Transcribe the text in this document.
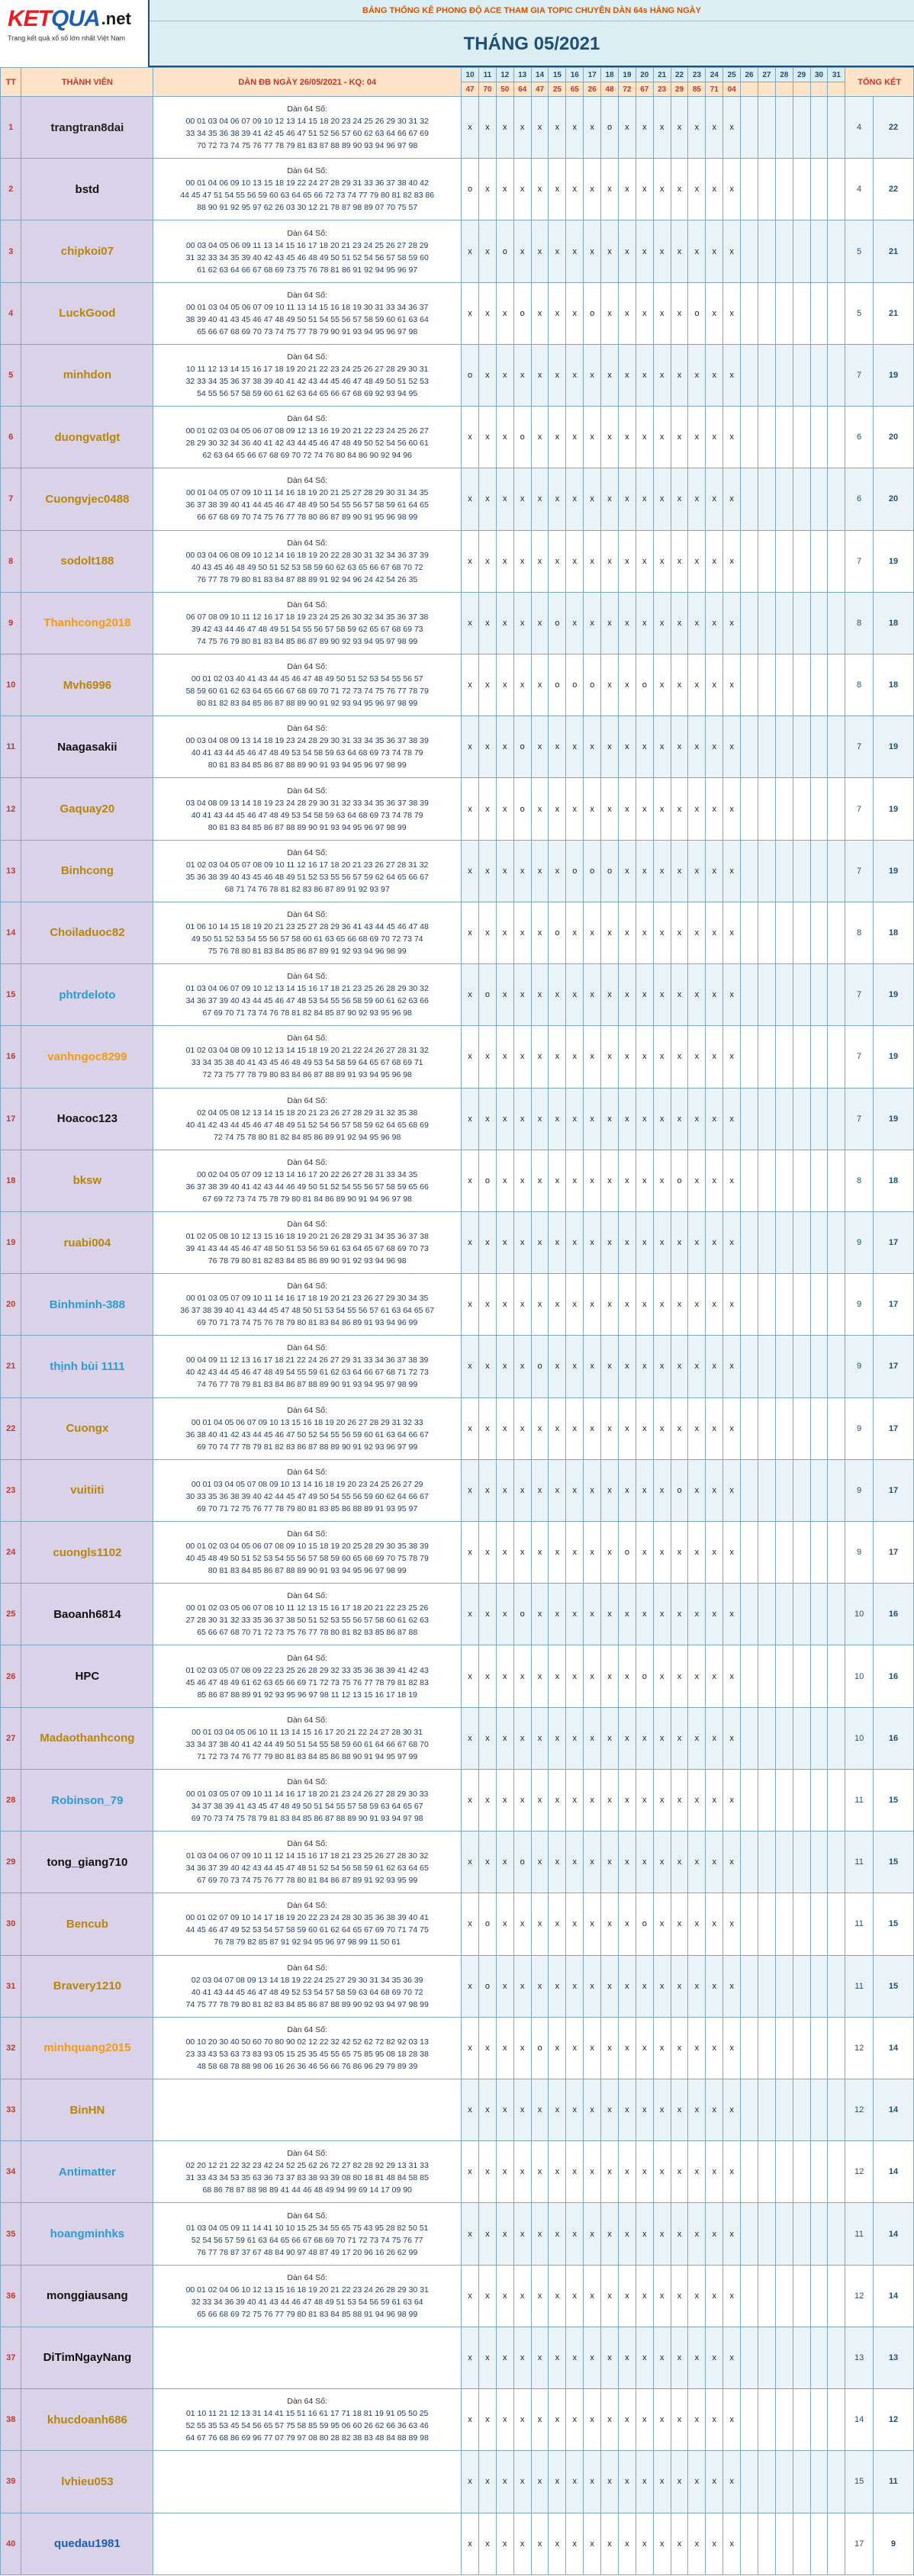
KETQUA .net
Trang kết quả xổ số lớn nhất Việt Nam
BẢNG THỐNG KÊ PHONG ĐỘ ACE THAM GIA TOPIC CHUYÊN DÀN 64s HÀNG NGÀY
THÁNG 05/2021
TT	THÀNH VIÊN	DÀN ĐB NGÀY 26/05/2021 - KQ: 04	10	11	12	13	14	15	16	17	18	19	20	21	22	23	24	25	26	27	28	29	30	31	TỔNG KẾT	
			47	70	50	64	47	25	65	26	48	72	67	23	29	85	71	04								
1	trangtran8dai	Dàn 64 Số:
00 01 03 04 06 07 09 10 12 13 14 15 18 20 23 24 25 26 29 30 31 32
33 34 35 36 38 39 41 42 45 46 47 51 52 56 57 60 62 63 64 66 67 69
70 72 73 74 75 76 77 78 79 81 83 87 88 89 90 93 94 96 97 98	x	x	x	x	x	x	x	x	o	x	x	x	x	x	x	x							4	22
2	bstd	Dàn 64 Số:
00 01 04 06 09 10 13 15 18 19 22 24 27 28 29 31 33 36 37 38 40 42
44 45 47 51 54 55 56 59 60 63 64 65 66 72 73 74 77 79 80 81 82 83 86
88 90 91 92 95 97 62 26 03 30 12 21 78 87 98 89 07 70 75 57	o	x	x	x	x	x	x	x	x	x	x	x	x	x	x	x							4	22
3	chipkoi07	Dàn 64 Số:
00 03 04 05 06 09 11 13 14 15 16 17 18 20 21 23 24 25 26 27 28 29
31 32 33 34 35 39 40 42 43 45 46 48 49 50 51 52 54 56 57 58 59 60
61 62 63 64 66 67 68 69 73 75 76 78 81 86 91 92 94 95 96 97	x	x	o	x	x	x	x	x	x	x	x	x	x	x	x	x							5	21
4	LuckGood	Dàn 64 Số:
00 01 03 04 05 06 07 09 10 11 13 14 15 16 18 19 30 31 33 34 36 37
38 39 40 41 43 45 46 47 48 49 50 51 54 55 56 57 58 59 60 61 63 64
65 66 67 68 69 70 73 74 75 77 78 79 90 91 93 94 95 96 97 98	x	x	x	o	x	x	x	o	x	x	x	x	x	o	x	x							5	21
5	minhdon	Dàn 64 Số:
10 11 12 13 14 15 16 17 18 19 20 21 22 23 24 25 26 27 28 29 30 31
32 33 34 35 36 37 38 39 40 41 42 43 44 45 46 47 48 49 50 51 52 53
54 55 56 57 58 59 60 61 62 63 64 65 66 67 68 69 92 93 94 95	o	x	x	x	x	x	x	x	x	x	x	x	x	x	x	x							7	19
6	duongvatlgt	Dàn 64 Số:
00 01 02 03 04 05 06 07 08 09 12 13 16 19 20 21 22 23 24 25 26 27
28 29 30 32 34 36 40 41 42 43 44 45 46 47 48 49 50 52 54 56 60 61
62 63 64 65 66 67 68 69 70 72 74 76 80 84 86 90 92 94 96	x	x	x	o	x	x	x	x	x	x	x	x	x	x	x	x							6	20
7	Cuongvjec0488	Dàn 64 Số:
00 01 04 05 07 09 10 11 14 16 18 19 20 21 25 27 28 29 30 31 34 35
36 37 38 39 40 41 44 45 46 47 48 49 50 54 55 56 57 58 59 61 64 65
66 67 68 69 70 74 75 76 77 78 80 86 87 89 90 91 95 96 98 99	x	x	x	x	x	x	x	x	x	x	x	x	x	x	x	x							6	20
8	sodolt188	Dàn 64 Số:
00 03 04 06 08 09 10 12 14 16 18 19 20 22 28 30 31 32 34 36 37 39
40 43 45 46 48 49 50 51 52 53 58 59 60 62 63 65 66 67 68 70 72
76 77 78 79 80 81 83 84 87 88 89 91 92 94 96 24 42 54 26 35	x	x	x	x	x	x	x	x	x	x	x	x	x	x	x	x							7	19
9	Thanhcong2018	Dàn 64 Số:
06 07 08 09 10 11 12 16 17 18 19 23 24 25 26 30 32 34 35 36 37 38
39 42 43 44 46 47 48 49 51 54 55 56 57 58 59 62 65 67 68 69 73
74 75 76 79 80 81 83 84 85 86 87 89 90 92 93 94 95 97 98 99	x	x	x	x	x	o	x	x	x	x	x	x	x	x	x	x							8	18
10	Mvh6996	Dàn 64 Số:
00 01 02 03 40 41 43 44 45 46 47 48 49 50 51 52 53 54 55 56 57
58 59 60 61 62 63 64 65 66 67 68 69 70 71 72 73 74 75 76 77 78 79
80 81 82 83 84 85 86 87 88 89 90 91 92 93 94 95 96 97 98 99	x	x	x	x	x	o	o	o	x	x	o	x	x	x	x	x							8	18
11	Naagasakii	Dàn 64 Số:
00 03 04 08 09 13 14 18 19 23 24 28 29 30 31 33 34 35 36 37 38 39
40 41 43 44 45 46 47 48 49 53 54 58 59 63 64 68 69 73 74 78 79
80 81 83 84 85 86 87 88 89 90 91 93 94 95 96 97 98 99	x	x	x	o	x	x	x	x	x	x	x	x	x	x	x	x							7	19
12	Gaquay20	Dàn 64 Số:
03 04 08 09 13 14 18 19 23 24 28 29 30 31 32 33 34 35 36 37 38 39
40 41 43 44 45 46 47 48 49 53 54 58 59 63 64 68 69 73 74 78 79
80 81 83 84 85 86 87 88 89 90 91 93 94 95 96 97 98 99	x	x	x	o	x	x	x	x	x	x	x	x	x	x	x	x							7	19
13	Binhcong	Dàn 64 Số:
01 02 03 04 05 07 08 09 10 11 12 16 17 18 20 21 23 26 27 28 31 32
35 36 38 39 40 43 45 46 48 49 51 52 53 55 56 57 59 62 64 65 66 67
68 71 74 76 78 81 82 83 86 87 89 91 92 93 97	x	x	x	x	x	x	o	o	o	x	x	x	x	x	x	x							7	19
14	Choiladuoc82	Dàn 64 Số:
01 06 10 14 15 18 19 20 21 23 25 27 28 29 36 41 43 44 45 46 47 48
49 50 51 52 53 54 55 56 57 58 60 61 63 65 66 68 69 70 72 73 74
75 76 78 80 81 83 84 85 86 87 89 91 92 93 94 96 98 99	x	x	x	x	x	o	x	x	x	x	x	x	x	x	x	x							8	18
15	phtrdeloto	Dàn 64 Số:
01 03 04 06 07 09 10 12 13 14 15 16 17 18 21 23 25 26 28 29 30 32
34 36 37 39 40 43 44 45 46 47 48 53 54 55 56 58 59 60 61 62 63 66
67 69 70 71 73 74 76 78 81 82 84 85 87 90 92 93 95 96 98	x	o	x	x	x	x	x	x	x	x	x	x	x	x	x	x							7	19
16	vanhngoc8299	Dàn 64 Số:
01 02 03 04 08 09 10 12 13 14 15 18 19 20 21 22 24 26 27 28 31 32
33 34 35 38 40 41 43 45 46 48 49 53 54 58 59 64 65 67 68 69 71
72 73 75 77 78 79 80 83 84 86 87 88 89 91 93 94 95 96 98	x	x	x	x	x	x	x	x	x	x	x	x	x	x	x	x							7	19
17	Hoacoc123	Dàn 64 Số:
02 04 05 08 12 13 14 15 18 20 21 23 26 27 28 29 31 32 35 38
40 41 42 43 44 45 46 47 48 49 51 52 54 56 57 58 59 62 64 65 68 69
72 74 75 78 80 81 82 84 85 86 89 91 92 94 95 96 98	x	x	x	x	x	x	x	x	x	x	x	x	x	x	x	x							7	19
18	bksw	Dàn 64 Số:
00 02 04 05 07 09 12 13 14 16 17 20 22 26 27 28 31 33 34 35
36 37 38 39 40 41 42 43 44 46 49 50 51 52 54 55 56 57 58 59 65 66
67 69 72 73 74 75 78 79 80 81 84 86 89 90 91 94 96 97 98	x	o	x	x	x	x	x	x	x	x	x	x	o	x	x	x							8	18
19	ruabi004	Dàn 64 Số:
01 02 05 08 10 12 13 15 16 18 19 20 21 26 28 29 31 34 35 36 37 38
39 41 43 44 45 46 47 48 50 51 53 56 59 61 63 64 65 67 68 69 70 73
76 78 79 80 81 82 83 84 85 86 89 90 91 92 93 94 96 98	x	x	x	x	x	x	x	x	x	x	x	x	x	x	x	x							9	17
20	Binhminh-388	Dàn 64 Số:
00 01 03 05 07 09 10 11 14 16 17 18 19 20 21 23 26 27 29 30 34 35
36 37 38 39 40 41 43 44 45 47 48 50 51 53 54 55 56 57 61 63 64 65 67
69 70 71 73 74 75 76 78 79 80 81 83 84 86 89 91 93 94 96 99	x	x	x	x	x	x	x	x	x	x	x	x	x	x	x	x							9	17
21	thịnh bùi 1111	Dàn 64 Số:
00 04 09 11 12 13 16 17 18 21 22 24 26 27 29 31 33 34 36 37 38 39
40 42 43 44 45 46 47 48 49 54 55 59 61 62 63 64 66 67 68 71 72 73
74 76 77 78 79 81 83 84 86 87 88 89 90 91 93 94 95 97 98 99	x	x	x	x	o	x	x	x	x	x	x	x	x	x	x	x							9	17
22	Cuongx	Dàn 64 Số:
00 01 04 05 06 07 09 10 13 15 16 18 19 20 26 27 28 29 31 32 33
36 38 40 41 42 43 44 45 46 47 50 52 54 55 56 59 60 61 63 64 66 67
69 70 74 77 78 79 81 82 83 86 87 88 89 90 91 92 93 96 97 99	x	x	x	x	x	x	x	x	x	x	x	x	x	x	x	x							9	17
23	vuitiiti	Dàn 64 Số:
00 01 03 04 05 07 08 09 10 13 14 16 18 19 20 23 24 25 26 27 29
30 33 35 36 38 39 40 42 44 45 47 49 50 54 55 56 59 60 62 64 66 67
69 70 71 72 75 76 77 78 79 80 81 83 85 86 88 89 91 93 95 97	x	x	x	x	x	x	x	x	x	x	x	x	o	x	x	x							9	17
24	cuongls1102	Dàn 64 Số:
00 01 02 03 04 05 06 07 08 09 10 15 18 19 20 25 28 29 30 35 38 39
40 45 48 49 50 51 52 53 54 55 56 57 58 59 60 65 68 69 70 75 78 79
80 81 83 84 85 86 87 88 89 90 91 93 94 95 96 97 98 99	x	x	x	x	x	x	x	x	x	o	x	x	x	x	x	x							9	17
25	Baoanh6814	Dàn 64 Số:
00 01 02 03 05 06 07 08 10 11 12 13 15 16 17 18 20 21 22 23 25 26
27 28 30 31 32 33 35 36 37 38 50 51 52 53 55 56 57 58 60 61 62 63
65 66 67 68 70 71 72 73 75 76 77 78 80 81 82 83 85 86 87 88	x	x	x	o	x	x	x	x	x	x	x	x	x	x	x	x							10	16
26	HPC	Dàn 64 Số:
01 02 03 05 07 08 09 22 23 25 26 28 29 32 33 35 36 38 39 41 42 43
45 46 47 48 49 61 62 63 65 66 69 71 72 73 75 76 77 78 79 81 82 83
85 86 87 88 89 91 92 93 95 96 97 98 11 12 13 15 16 17 18 19	x	x	x	x	x	x	x	x	x	x	o	x	x	x	x	x							10	16
27	Madaothanhcong	Dàn 64 Số:
00 01 03 04 05 06 10 11 13 14 15 16 17 20 21 22 24 27 28 30 31
33 34 37 38 40 41 42 44 49 50 51 54 55 58 59 60 61 64 66 67 68 70
71 72 73 74 76 77 79 80 81 83 84 85 86 88 90 91 94 95 97 99	x	x	x	x	x	x	x	x	x	x	x	x	x	x	x	x							10	16
28	Robinson_79	Dàn 64 Số:
00 01 03 05 07 09 10 11 14 16 17 18 20 21 23 24 26 27 28 29 30 33
34 37 38 39 41 43 45 47 48 49 50 51 54 55 57 58 59 63 64 65 67
69 70 73 74 75 78 79 81 83 84 85 86 87 88 89 90 91 93 94 97 98	x	x	x	x	x	x	x	x	x	x	x	x	x	x	x	x							11	15
29	tong_giang710	Dàn 64 Số:
01 03 04 06 07 09 10 11 12 14 15 16 17 18 21 23 25 26 27 28 30 32
34 36 37 39 40 42 43 44 45 47 48 51 52 54 56 58 59 61 62 63 64 65
67 69 70 73 74 75 76 77 78 80 81 84 86 87 89 91 92 93 95 99	x	x	x	o	x	x	x	x	x	x	x	x	x	x	x	x							11	15
30	Bencub	Dàn 64 Số:
00 01 02 07 09 10 14 17 18 19 20 22 23 24 28 30 35 36 38 39 40 41
44 45 46 47 49 52 53 54 57 58 59 60 61 62 64 65 67 69 70 71 74 75
76 78 79 82 85 87 91 92 94 95 96 97 98 99 11 50 61	x	o	x	x	x	x	x	x	x	x	o	x	x	x	x	x							11	15
31	Bravery1210	Dàn 64 Số:
02 03 04 07 08 09 13 14 18 19 22 24 25 27 29 30 31 34 35 36 39
40 41 43 44 45 46 47 48 49 52 53 54 57 58 59 63 64 68 69 70 72
74 75 77 78 79 80 81 82 83 84 85 86 87 88 89 90 92 93 94 97 98 99	x	o	x	x	x	x	x	x	x	x	x	x	x	x	x	x							11	15
32	minhquang2015	Dàn 64 Số:
00 10 20 30 40 50 60 70 80 90 02 12 22 32 42 52 62 72 82 92 03 13
23 33 43 53 63 73 83 93 05 15 25 35 45 55 65 75 85 95 08 18 28 38
48 58 68 78 88 98 06 16 26 36 46 56 66 76 86 96 29 79 89 39	x	x	x	x	o	x	x	x	x	x	x	x	x	x	x	x							12	14
33	BinHN		x	x	x	x	x	x	x	x	x	x	x	x	x	x	x	x							12	14
34	Antimatter	Dàn 64 Số:
02 20 12 21 22 32 23 42 24 52 25 62 26 72 27 82 28 92 29 13 31 33
31 33 43 34 53 35 63 36 73 37 83 38 93 39 08 80 18 81 48 84 58 85
68 86 78 87 88 98 89 41 44 46 48 49 94 99 69 14 17 09 90	x	x	x	x	x	x	x	x	x	x	x	x	x	x	x	x							12	14
35	hoangminhks	Dàn 64 Số:
01 03 04 05 09 11 14 41 10 10 15 25 34 55 65 75 43 95 28 82 50 51
52 54 56 57 59 61 63 64 65 66 67 68 69 70 71 72 73 74 75 76 77
76 77 78 87 37 67 48 84 90 97 48 87 49 17 20 96 16 26 62 99	x	x	x	x	x	x	x	x	x	x	x	x	x	x	x	x							11	14
36	monggiausang	Dàn 64 Số:
00 01 02 04 06 10 12 13 15 16 18 19 20 21 22 23 24 26 28 29 30 31
32 33 34 36 39 40 41 43 44 46 47 48 49 51 53 54 56 59 61 63 64
65 66 68 69 72 75 76 77 79 80 81 83 84 85 88 91 94 96 98 99	x	x	x	x	x	x	x	x	x	x	x	x	x	x	x	x							12	14
37	DiTimNgayNang		x	x	x	x	x	x	x	x	x	x	x	x	x	x	x	x							13	13
38	khucdoanh686	Dàn 64 Số:
01 10 11 21 12 13 31 14 41 15 51 16 61 17 71 18 81 19 91 05 50 25
52 55 35 53 45 54 56 65 57 75 58 85 59 95 06 60 26 62 66 36 63 46
64 67 76 68 86 69 96 77 07 79 97 08 80 28 82 38 83 48 84 88 89 98	x	x	x	x	x	x	x	x	x	x	x	x	x	x	x	x							14	12
39	lvhieu053		x	x	x	x	x	x	x	x	x	x	x	x	x	x	x	x							15	11
40	quedau1981		x	x	x	x	x	x	x	x	x	x	x	x	x	x	x	x							17	9
